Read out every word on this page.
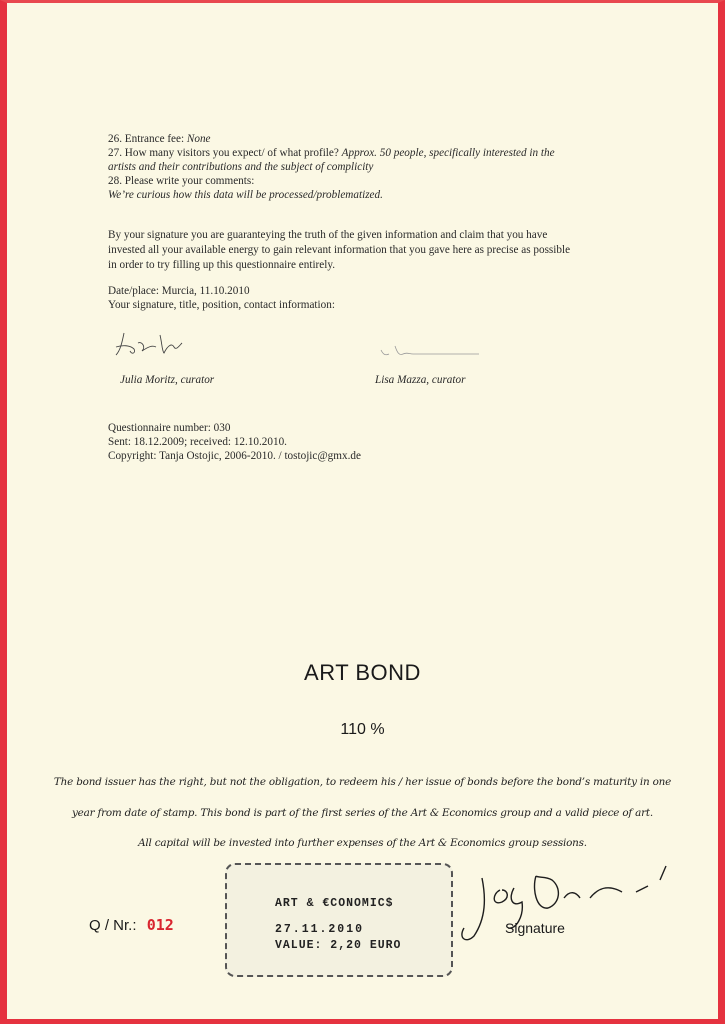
26. Entrance fee: None
27. How many visitors you expect/ of what profile? Approx. 50 people, specifically interested in the
artists and their contributions and the subject of complicity
28. Please write your comments:
We’re curious how this data will be processed/problematized.
By your signature you are guaranteying the truth of the given information and claim that you have
invested all your available energy to gain relevant information that you gave here as precise as possible
in order to try filling up this questionnaire entirely.
Date/place: Murcia, 11.10.2010
Your signature, title, position, contact information:
Julia Moritz, curator	Lisa Mazza, curator
Questionnaire number: 030
Sent: 18.12.2009; received: 12.10.2010.
Copyright: Tanja Ostojic, 2006-2010. / tostojic@gmx.de
ART BOND
110 %
The bond issuer has the right, but not the obligation, to redeem his / her issue of bonds before the bond’s maturity in one
year from date of stamp. This bond is part of the first series of the Art & Economics group and a valid piece of art.
All capital will be invested into further expenses of the Art & Economics group sessions.
Q / Nr.: 012
ART & €CONOMIC$
27.11.2010
VALUE: 2,20 EURO
Signature
